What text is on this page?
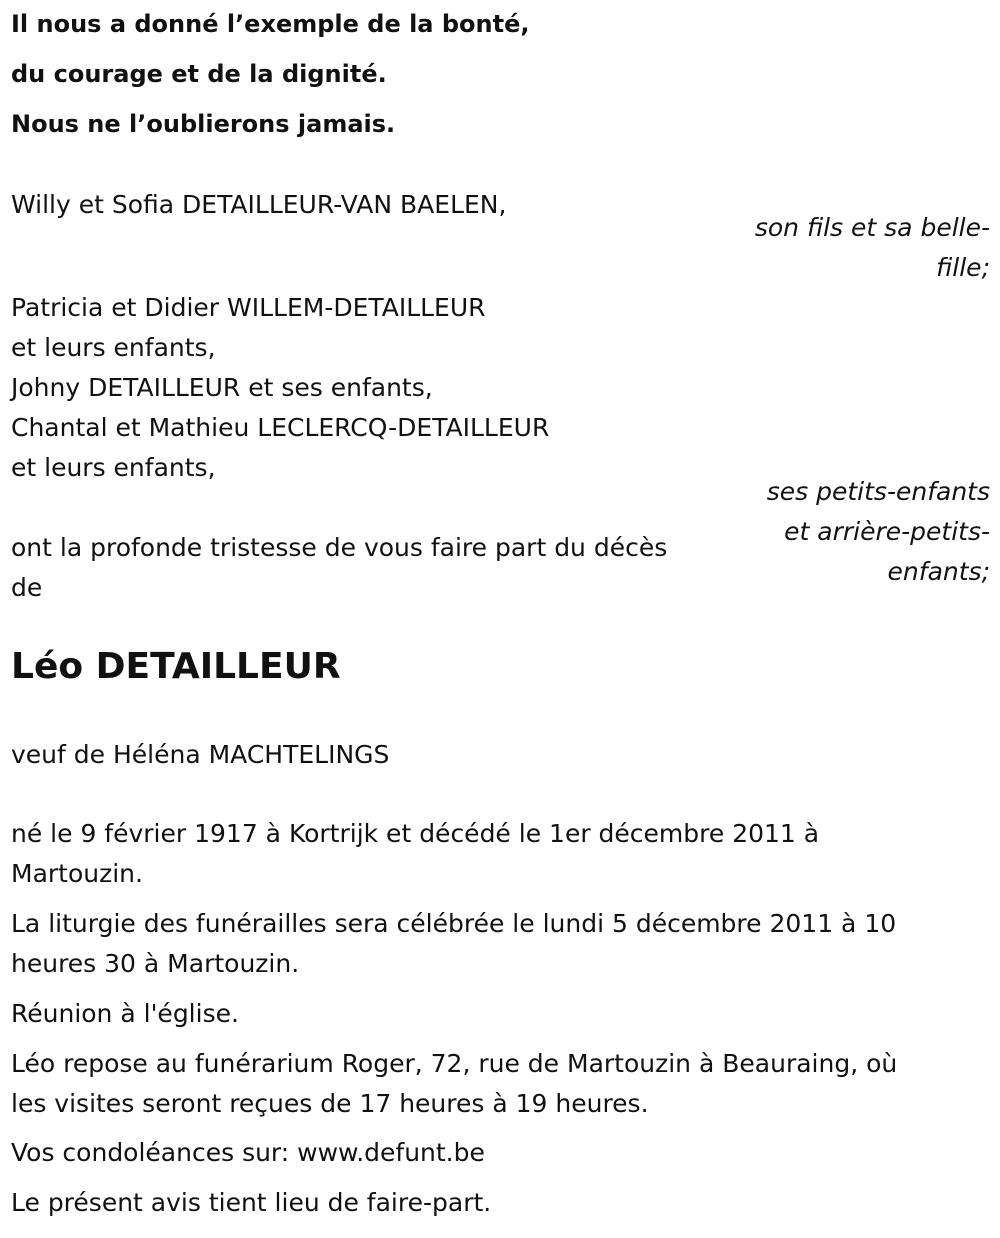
Il nous a donné l’exemple de la bonté,
du courage et de la dignité.
Nous ne l’oublierons jamais.
Willy et Sofia DETAILLEUR-VAN BAELEN,
son fils et sa belle-
fille;
Patricia et Didier WILLEM-DETAILLEUR
et leurs enfants,
Johny DETAILLEUR et ses enfants,
Chantal et Mathieu LECLERCQ-DETAILLEUR
et leurs enfants,
ses petits-enfants
et arrière-petits-
enfants;
ont la profonde tristesse de vous faire part du décès
de
Léo DETAILLEUR
veuf de Héléna MACHTELINGS
né le 9 février 1917 à Kortrijk et décédé le 1er décembre 2011 à
Martouzin.
La liturgie des funérailles sera célébrée le lundi 5 décembre 2011 à 10
heures 30 à Martouzin.
Réunion à l'église.
Léo repose au funérarium Roger, 72, rue de Martouzin à Beauraing, où
les visites seront reçues de 17 heures à 19 heures.
Vos condoléances sur: www.defunt.be
Le présent avis tient lieu de faire-part.
